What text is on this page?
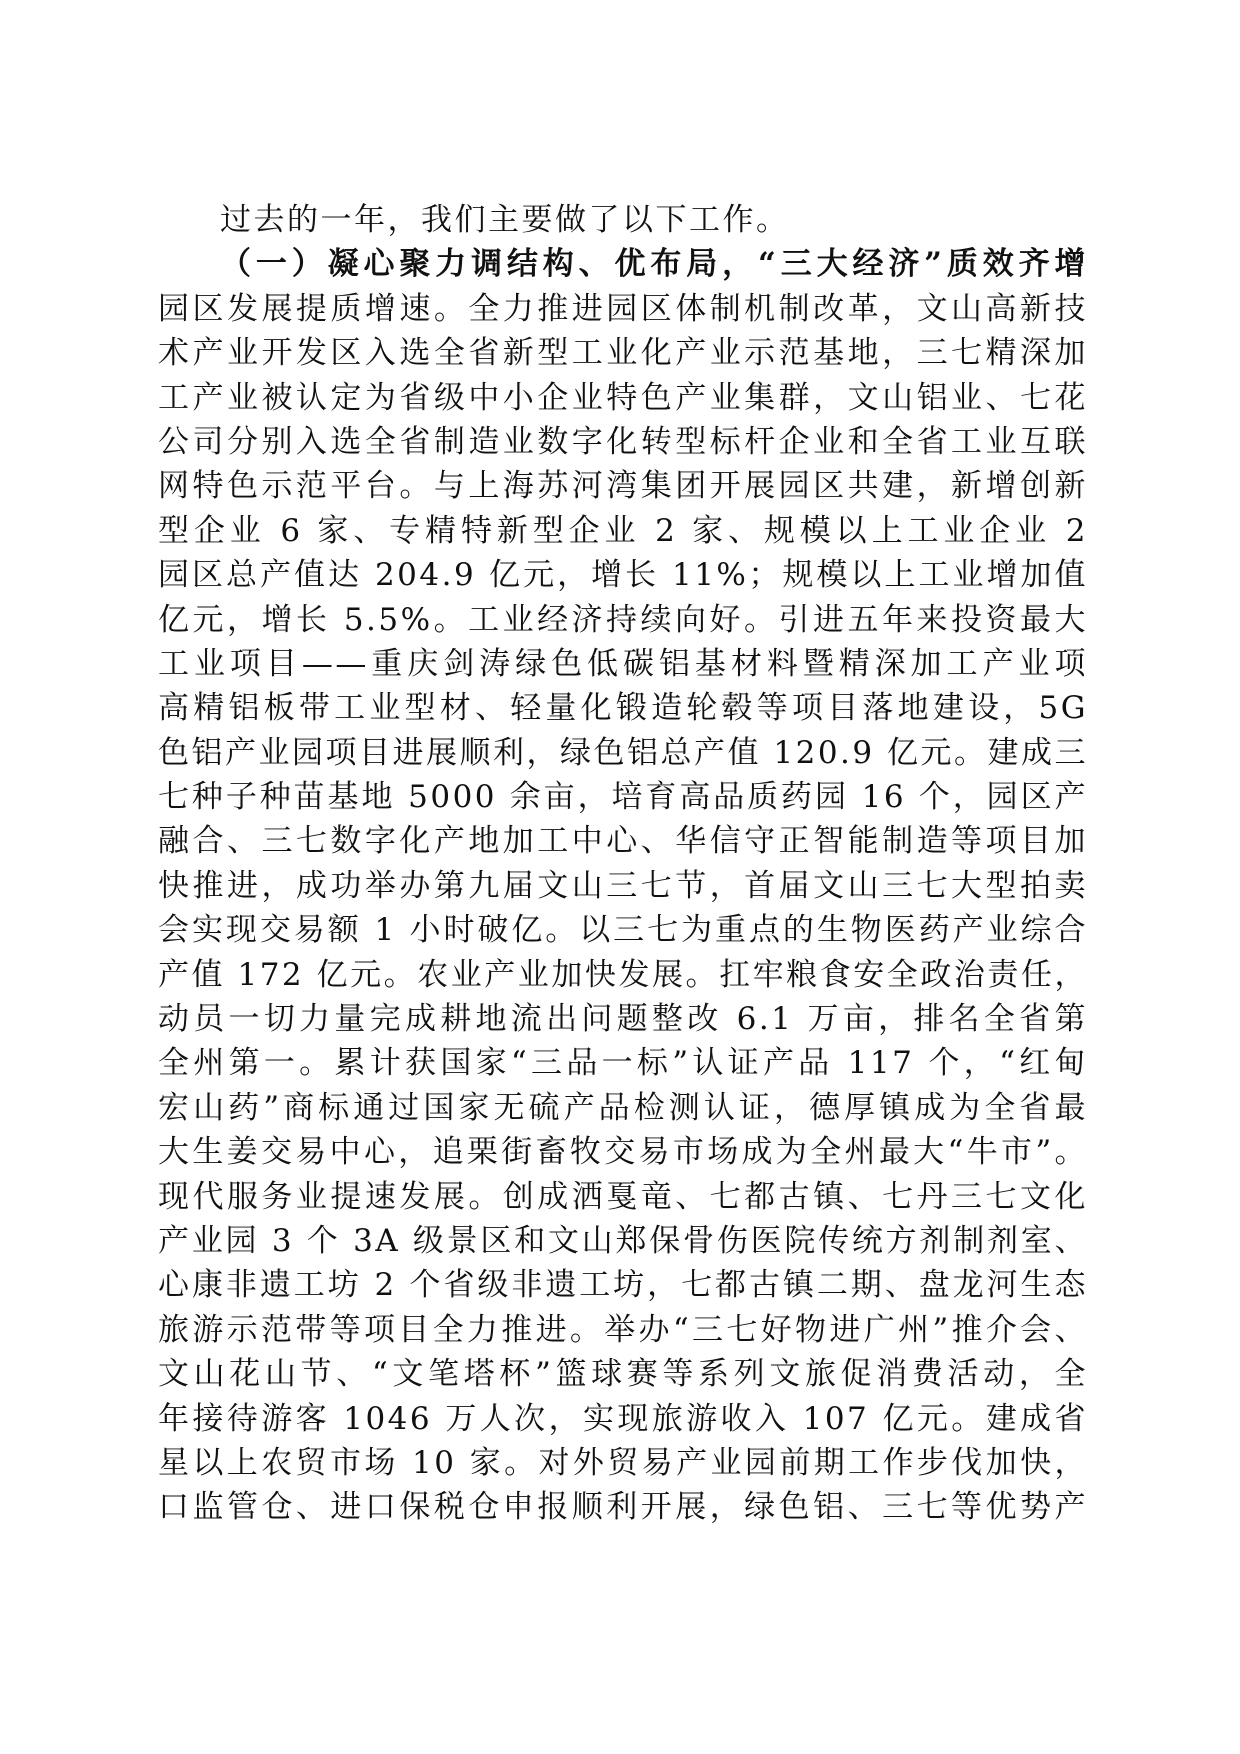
过去的一年，我们主要做了以下工作。
（一）凝心聚力调结构、优布局，“三大经济”质效齐增
园区发展提质增速。全力推进园区体制机制改革，文山高新技
术产业开发区入选全省新型工业化产业示范基地，三七精深加
工产业被认定为省级中小企业特色产业集群，文山铝业、七花
公司分别入选全省制造业数字化转型标杆企业和全省工业互联
网特色示范平台。与上海苏河湾集团开展园区共建，新增创新
型企业 6 家、专精特新型企业 2 家、规模以上工业企业 2
园区总产值达 204.9 亿元，增长 11%；规模以上工业增加值
亿元，增长 5.5%。工业经济持续向好。引进五年来投资最大
工业项目——重庆剑涛绿色低碳铝基材料暨精深加工产业项
高精铝板带工业型材、轻量化锻造轮毂等项目落地建设，5G
色铝产业园项目进展顺利，绿色铝总产值 120.9 亿元。建成三
七种子种苗基地 5000 余亩，培育高品质药园 16 个，园区产
融合、三七数字化产地加工中心、华信守正智能制造等项目加
快推进，成功举办第九届文山三七节，首届文山三七大型拍卖
会实现交易额 1 小时破亿。以三七为重点的生物医药产业综合
产值 172 亿元。农业产业加快发展。扛牢粮食安全政治责任，
动员一切力量完成耕地流出问题整改 6.1 万亩，排名全省第
全州第一。累计获国家“三品一标”认证产品 117 个，“红甸
宏山药”商标通过国家无硫产品检测认证，德厚镇成为全省最
大生姜交易中心，追栗街畜牧交易市场成为全州最大“牛市”。
现代服务业提速发展。创成洒戛竜、七都古镇、七丹三七文化
产业园 3 个 3A 级景区和文山郑保骨伤医院传统方剂制剂室、
心康非遗工坊 2 个省级非遗工坊，七都古镇二期、盘龙河生态
旅游示范带等项目全力推进。举办“三七好物进广州”推介会、
文山花山节、“文笔塔杯”篮球赛等系列文旅促消费活动，全
年接待游客 1046 万人次，实现旅游收入 107 亿元。建成省
星以上农贸市场 10 家。对外贸易产业园前期工作步伐加快，
口监管仓、进口保税仓申报顺利开展，绿色铝、三七等优势产
